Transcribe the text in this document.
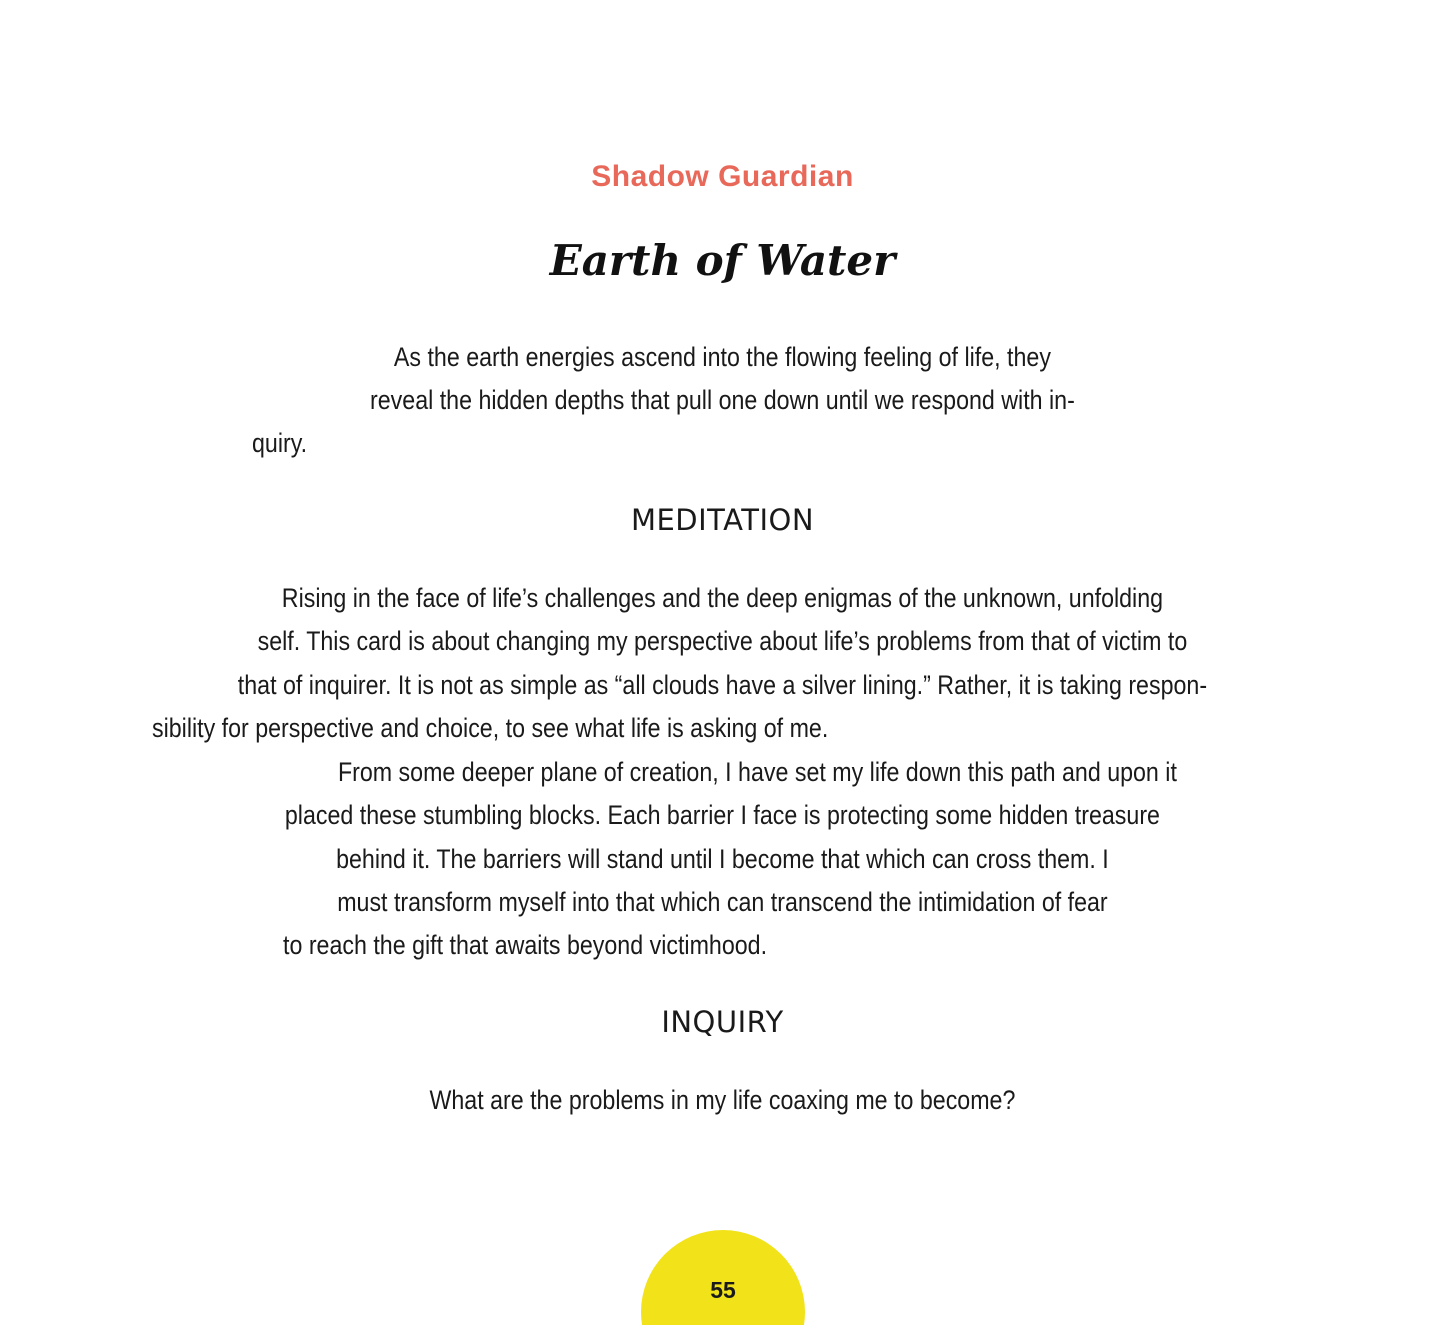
Shadow Guardian
Earth of Water
As the earth energies ascend into the flowing feeling of life, they
reveal the hidden depths that pull one down until we respond with in-
quiry.
MEDITATION
Rising in the face of life’s challenges and the deep enigmas of the unknown, unfolding
self. This card is about changing my perspective about life’s problems from that of victim to
that of inquirer. It is not as simple as “all clouds have a silver lining.” Rather, it is taking respon-
sibility for perspective and choice, to see what life is asking of me.
From some deeper plane of creation, I have set my life down this path and upon it
placed these stumbling blocks. Each barrier I face is protecting some hidden treasure
behind it. The barriers will stand until I become that which can cross them. I
must transform myself into that which can transcend the intimidation of fear
to reach the gift that awaits beyond victimhood.
INQUIRY
What are the problems in my life coaxing me to become?
55
